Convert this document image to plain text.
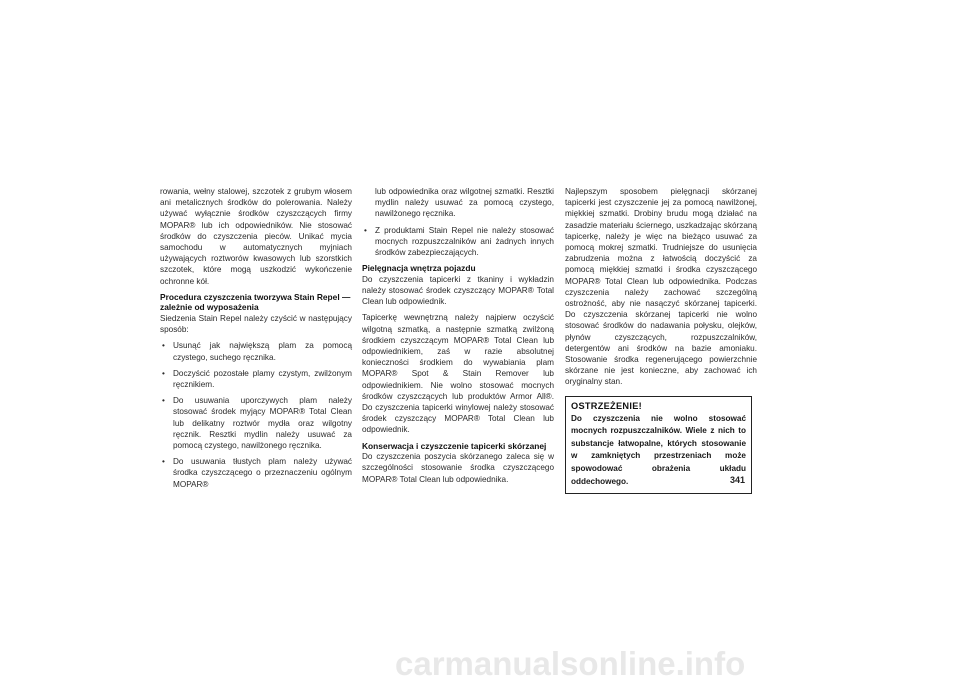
rowania, wełny stalowej, szczotek z grubym włosem ani metalicznych środków do polerowania. Należy używać wyłącznie środków czyszczących firmy MOPAR® lub ich odpowiedników. Nie stosować środków do czyszczenia pieców. Unikać mycia samochodu w automatycznych myjniach używających roztworów kwasowych lub szorstkich szczotek, które mogą uszkodzić wykończenie ochronne kół.

Procedura czyszczenia tworzywa Stain Repel — zależnie od wyposażenia

Siedzenia Stain Repel należy czyścić w następujący sposób:

• Usunąć jak największą plam za pomocą czystego, suchego ręcznika.
• Doczyścić pozostałe plamy czystym, zwilżonym ręcznikiem.
• Do usuwania uporczywych plam należy stosować środek myjący MOPAR® Total Clean lub delikatny roztwór mydła oraz wilgotny ręcznik. Resztki mydlin należy usuwać za pomocą czystego, nawilżonego ręcznika.
• Do usuwania tłustych plam należy używać środka czyszczącego o przeznaczeniu ogólnym MOPAR®
lub odpowiednika oraz wilgotnej szmatki. Resztki mydlin należy usuwać za pomocą czystego, nawilżonego ręcznika.
• Z produktami Stain Repel nie należy stosować mocnych rozpuszczalników ani żadnych innych środków zabezpieczających.
Pielęgnacja wnętrza pojazdu

Do czyszczenia tapicerki z tkaniny i wykładzin należy stosować środek czyszczący MOPAR® Total Clean lub odpowiednik.

Tapicerkę wewnętrzną należy najpierw oczyścić wilgotną szmatką, a następnie szmatką zwilżoną środkiem czyszczącym MOPAR® Total Clean lub odpowiednikiem, zaś w razie absolutnej konieczności środkiem do wywabiania plam MOPAR® Spot & Stain Remover lub odpowiednikiem. Nie wolno stosować mocnych środków czyszczących lub produktów Armor All®. Do czyszczenia tapicerki winylowej należy stosować środek czyszczący MOPAR® Total Clean lub odpowiednik.

Konserwacja i czyszczenie tapicerki skórzanej

Do czyszczenia poszycia skórzanego zaleca się w szczególności stosowanie środka czyszczącego MOPAR® Total Clean lub odpowiednika.

Najlepszym sposobem pielęgnacji skórzanej tapicerki jest czyszczenie jej za pomocą nawilżonej, miękkiej szmatki. Drobiny brudu mogą działać na zasadzie materiału ściernego, uszkadzając skórzaną tapicerkę, należy je więc na bieżąco usuwać za pomocą mokrej szmatki. Trudniejsze do usunięcia zabrudzenia można z łatwością doczyścić za pomocą miękkiej szmatki i środka czyszczącego MOPAR® Total Clean lub odpowiednika. Podczas czyszczenia należy zachować szczególną ostrożność, aby nie nasączyć skórzanej tapicerki. Do czyszczenia skórzanej tapicerki nie wolno stosować środków do nadawania połysku, olejków, płynów czyszczących, rozpuszczalników, detergentów ani środków na bazie amoniaku. Stosowanie środka regenerującego powierzchnie skórzane nie jest konieczne, aby zachować ich oryginalny stan.

OSTRZEŻENIE!
Do czyszczenia nie wolno stosować mocnych rozpuszczalników. Wiele z nich to substancje łatwopalne, których stosowanie w zamkniętych przestrzeniach może spowodować obrażenia układu oddechowego.	341
carmanualsonline.info
